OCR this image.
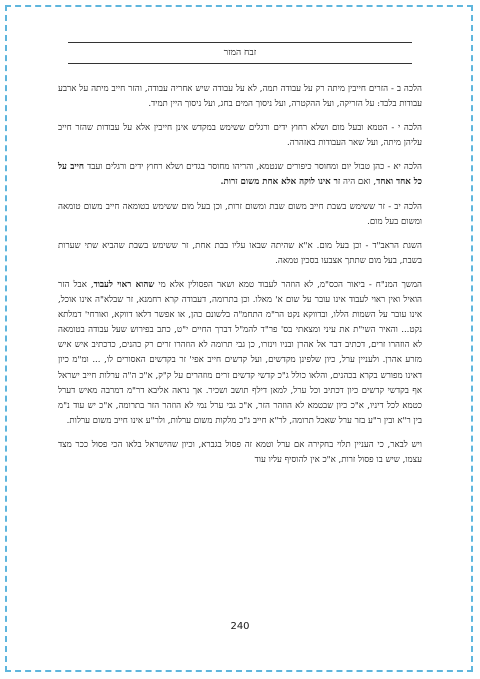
זבח המזר

הלכה ב - הזרים חייבין מיתה רק על עבודה תמה, לא על עבודה שיש אחריה עבודה, והזר חייב מיתה על ארבע עבודות בלבד: על הזריקה, ועל ההקטרה, ועל ניסוך המים בחג, ועל ניסוך היין תמיד.

הלכה י - הטמא ובעל מום ושלא רחוץ ידים ורגלים ששימש במקדש אינן חייבין אלא על עבודות שהזר חייב עליהן מיתה, ועל שאר העבודות באזהרה.

הלכה יא - כהן טבול יום ומחוסר כיפורים שנטמא, והריהו מחוסר בגדים ושלא רחוץ ידים ורגלים ועבד חייב על כל אחד ואחד, ואם היה זר אינו לוקה אלא אחת משום זרות.

הלכה יב - זר ששימש בשבת חייב משום שבת ומשום זרות, וכן בעל מום ששימש בטומאה חייב משום טומאה ומשום בעל מום.

השגת הראב"ד - וכן בעל מום. א"א שהיתה שבאו עליו בבת אחת, זר ששימש בשבת שהביא שתי שערות בשבת, בעל מום שתתך אצבעו בסכין טמאה.

המשך המנ"ח - ביאור הכס"מ, לא הוזהר לעבוד טמא ושאר הפסולין אלא מי שהוא ראוי לעבוד, אבל הזר הואיל ואין ראוי לעבוד אינו עובר על שום א' מאלו. וכן בתרומה, דעבודה קרא רחמנא, זר שבלא"ה אינו אוכל, אינו עובר על השמות הללו, ובדווקא נקט הר"מ התחמ"ה בלשונם כהן, או אפשר דלאו דווקא, ואורחי' דמלתא נקט... והאיר השי"ת את עיני ומצאתי בס' פר"ד להמ"ל דברך החיים י"ט, כתב בפירוש שעל עבודה בטומאה לא הוזהרו זרים, דכתיב דבר אל אהרן ובניו וינזרו, כן גבי תרומה לא הוזהרו זרים רק כהנים, כדכתיב איש איש מזרע אהרן. ולעניין ערל, כיון שלפינן מקדשים, ועל קדשים חייב אפי' זר בקדשים האסורים לו, ... ומ"מ כיון דאינו מפורש בקרא בכהנים, והלאו כולל ג"כ קדשי קדשים זרים מוזהרים על ק"ק, א"כ ה"ה ערלות חייב ישראל אף בקדשי קדשים כיון דכתיב וכל ערל, למאן דילף תושב ושכיר. אך נראה אליבא דר"מ דמרבה מאיש דערל כטמא לכל דיניו, א"כ כיון שבטמא לא הוזהר הזר, א"כ גבי ערל נמי לא הוזהר הזר בתרומה, א"כ יש עוד נ"מ בין ר"א ובין ר"ע בזר ערל שאכל תרומה, לר"א חייב ג"כ מלקות משום ערלות, ולר"ע אינו חייב משום ערלות.

ויש לבאר, כי העניין תלוי בחקירה אם ערל וטמא זה פסול בגברא, וכיון שהישראל בלאו הכי פסול ככר מצד עצמו, שיש בו פסול זרות, א"כ אין להוסיף עליו עוד

240
